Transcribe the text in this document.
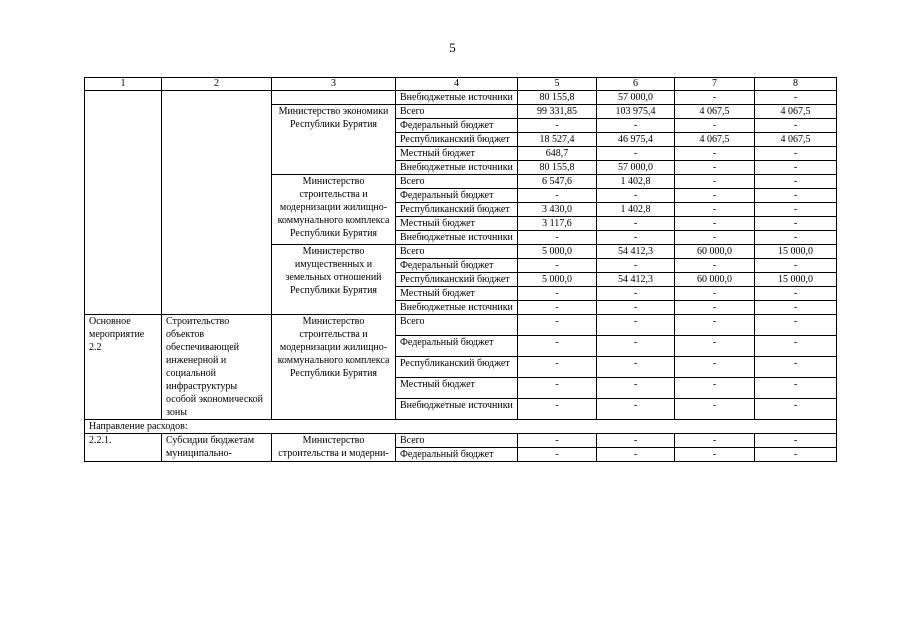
5
1	2	3	4	5	6	7	8
			Внебюджетные источники	80 155,8	57 000,0	-	-
		Министерство экономики Республики Бурятия	Всего	99 331,85	103 975,4	4 067,5	4 067,5
			Федеральный бюджет	-	-	-	-
			Республиканский бюджет	18 527,4	46 975,4	4 067,5	4 067,5
			Местный бюджет	648,7	-	-	-
			Внебюджетные источники	80 155,8	57 000,0	-	-
		Министерство строительства и модернизации жилищно-коммунального комплекса Республики Бурятия	Всего	6 547,6	1 402,8	-	-
			Федеральный бюджет	-	-	-	-
			Республиканский бюджет	3 430,0	1 402,8	-	-
			Местный бюджет	3 117,6	-	-	-
			Внебюджетные источники	-	-	-	-
		Министерство имущественных и земельных отношений Республики Бурятия	Всего	5 000,0	54 412,3	60 000,0	15 000,0
			Федеральный бюджет	-	-	-	-
			Республиканский бюджет	5 000,0	54 412,3	60 000,0	15 000,0
			Местный бюджет	-	-	-	-
			Внебюджетные источники	-	-	-	-
Основное мероприятие 2.2	Строительство объектов обеспечивающей инженерной и социальной инфраструктуры особой экономической зоны	Министерство строительства и модернизации жилищно-коммунального комплекса Республики Бурятия	Всего	-	-	-	-
			Федеральный бюджет	-	-	-	-
			Республиканский бюджет	-	-	-	-
			Местный бюджет	-	-	-	-
			Внебюджетные источники	-	-	-	-
Направление расходов:							
2.2.1.	Субсидии бюджетам муниципально-	Министерство строительства и модерни-	Всего	-	-	-	-
			Федеральный бюджет	-	-	-	-
